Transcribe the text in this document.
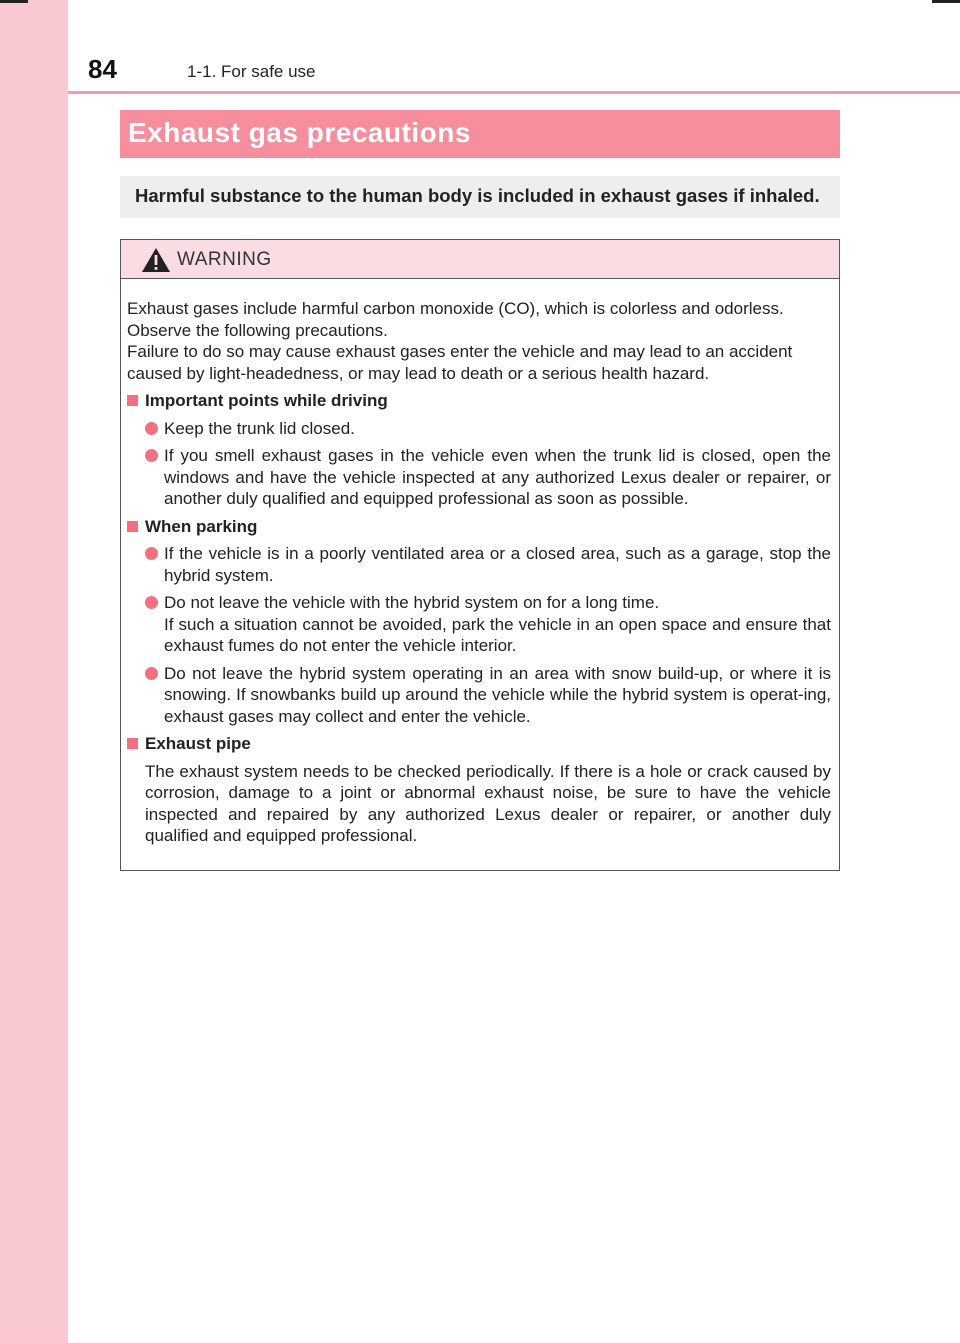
84	1-1. For safe use
Exhaust gas precautions
Harmful substance to the human body is included in exhaust gases if inhaled.
WARNING

Exhaust gases include harmful carbon monoxide (CO), which is colorless and odorless.
Observe the following precautions.
Failure to do so may cause exhaust gases enter the vehicle and may lead to an accident caused by light-headedness, or may lead to death or a serious health hazard.

Important points while driving

Keep the trunk lid closed.

If you smell exhaust gases in the vehicle even when the trunk lid is closed, open the windows and have the vehicle inspected at any authorized Lexus dealer or repairer, or another duly qualified and equipped professional as soon as possible.

When parking

If the vehicle is in a poorly ventilated area or a closed area, such as a garage, stop the hybrid system.

Do not leave the vehicle with the hybrid system on for a long time.
If such a situation cannot be avoided, park the vehicle in an open space and ensure that exhaust fumes do not enter the vehicle interior.

Do not leave the hybrid system operating in an area with snow build-up, or where it is snowing. If snowbanks build up around the vehicle while the hybrid system is operat-ing, exhaust gases may collect and enter the vehicle.

Exhaust pipe

The exhaust system needs to be checked periodically. If there is a hole or crack caused by corrosion, damage to a joint or abnormal exhaust noise, be sure to have the vehicle inspected and repaired by any authorized Lexus dealer or repairer, or another duly qualified and equipped professional.
